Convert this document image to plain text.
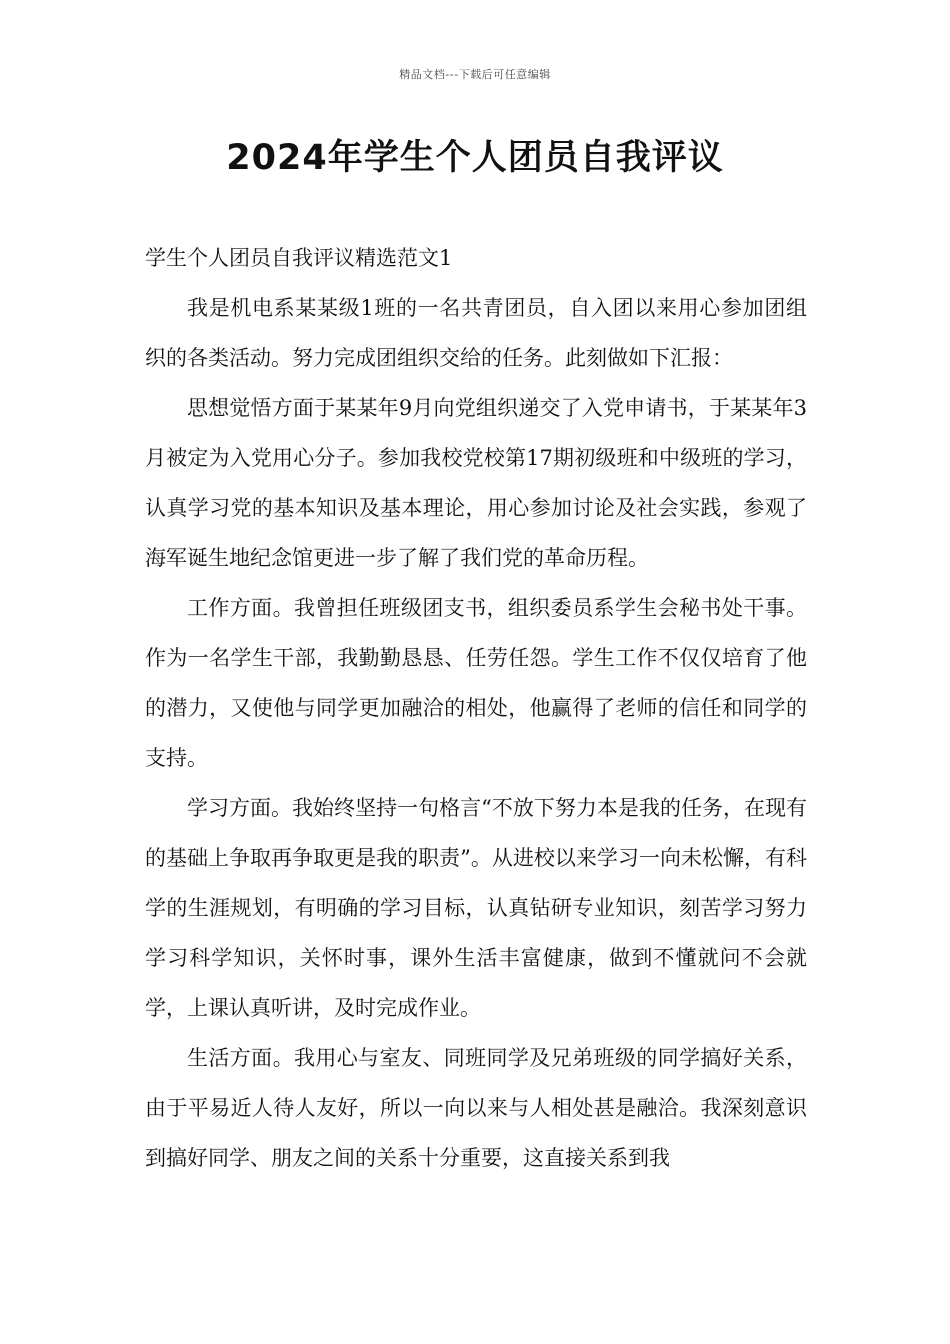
精品文档---下载后可任意编辑
2024年学生个人团员自我评议

学生个人团员自我评议精选范文1

我是机电系某某级1班的一名共青团员，自入团以来用心参加团组织的各类活动。努力完成团组织交给的任务。此刻做如下汇报：

思想觉悟方面于某某年9月向党组织递交了入党申请书，于某某年3月被定为入党用心分子。参加我校党校第17期初级班和中级班的学习，认真学习党的基本知识及基本理论，用心参加讨论及社会实践，参观了海军诞生地纪念馆更进一步了解了我们党的革命历程。

工作方面。我曾担任班级团支书，组织委员系学生会秘书处干事。作为一名学生干部，我勤勤恳恳、任劳任怨。学生工作不仅仅培育了他的潜力，又使他与同学更加融洽的相处，他赢得了老师的信任和同学的支持。

学习方面。我始终坚持一句格言“不放下努力本是我的任务，在现有的基础上争取再争取更是我的职责”。从进校以来学习一向未松懈，有科学的生涯规划，有明确的学习目标，认真钻研专业知识，刻苦学习努力学习科学知识，关怀时事，课外生活丰富健康，做到不懂就问不会就学，上课认真听讲，及时完成作业。

生活方面。我用心与室友、同班同学及兄弟班级的同学搞好关系，由于平易近人待人友好，所以一向以来与人相处甚是融洽。我深刻意识到搞好同学、朋友之间的关系十分重要，这直接关系到我
